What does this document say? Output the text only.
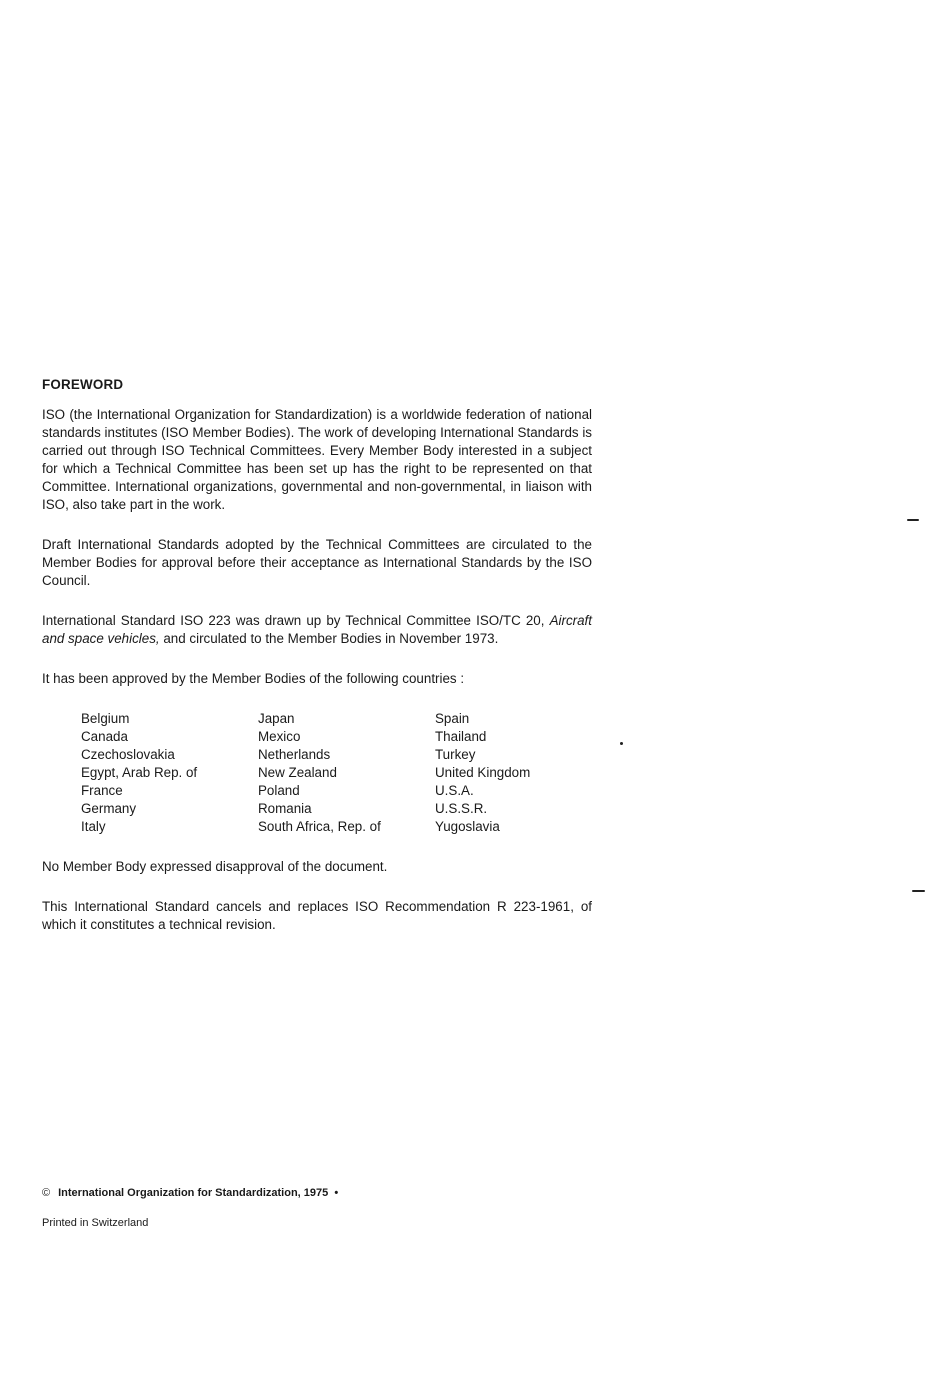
FOREWORD

ISO (the International Organization for Standardization) is a worldwide federation of national standards institutes (ISO Member Bodies). The work of developing International Standards is carried out through ISO Technical Committees. Every Member Body interested in a subject for which a Technical Committee has been set up has the right to be represented on that Committee. International organizations, governmental and non-governmental, in liaison with ISO, also take part in the work.

Draft International Standards adopted by the Technical Committees are circulated to the Member Bodies for approval before their acceptance as International Standards by the ISO Council.

International Standard ISO 223 was drawn up by Technical Committee ISO/TC 20, Aircraft and space vehicles, and circulated to the Member Bodies in November 1973.

It has been approved by the Member Bodies of the following countries :

Belgium
Canada
Czechoslovakia
Egypt, Arab Rep. of
France
Germany
Italy
Japan
Mexico
Netherlands
New Zealand
Poland
Romania
South Africa, Rep. of
Spain
Thailand
Turkey
United Kingdom
U.S.A.
U.S.S.R.
Yugoslavia

No Member Body expressed disapproval of the document.

This International Standard cancels and replaces ISO Recommendation R 223-1961, of which it constitutes a technical revision.

© International Organization for Standardization, 1975 •
Printed in Switzerland
